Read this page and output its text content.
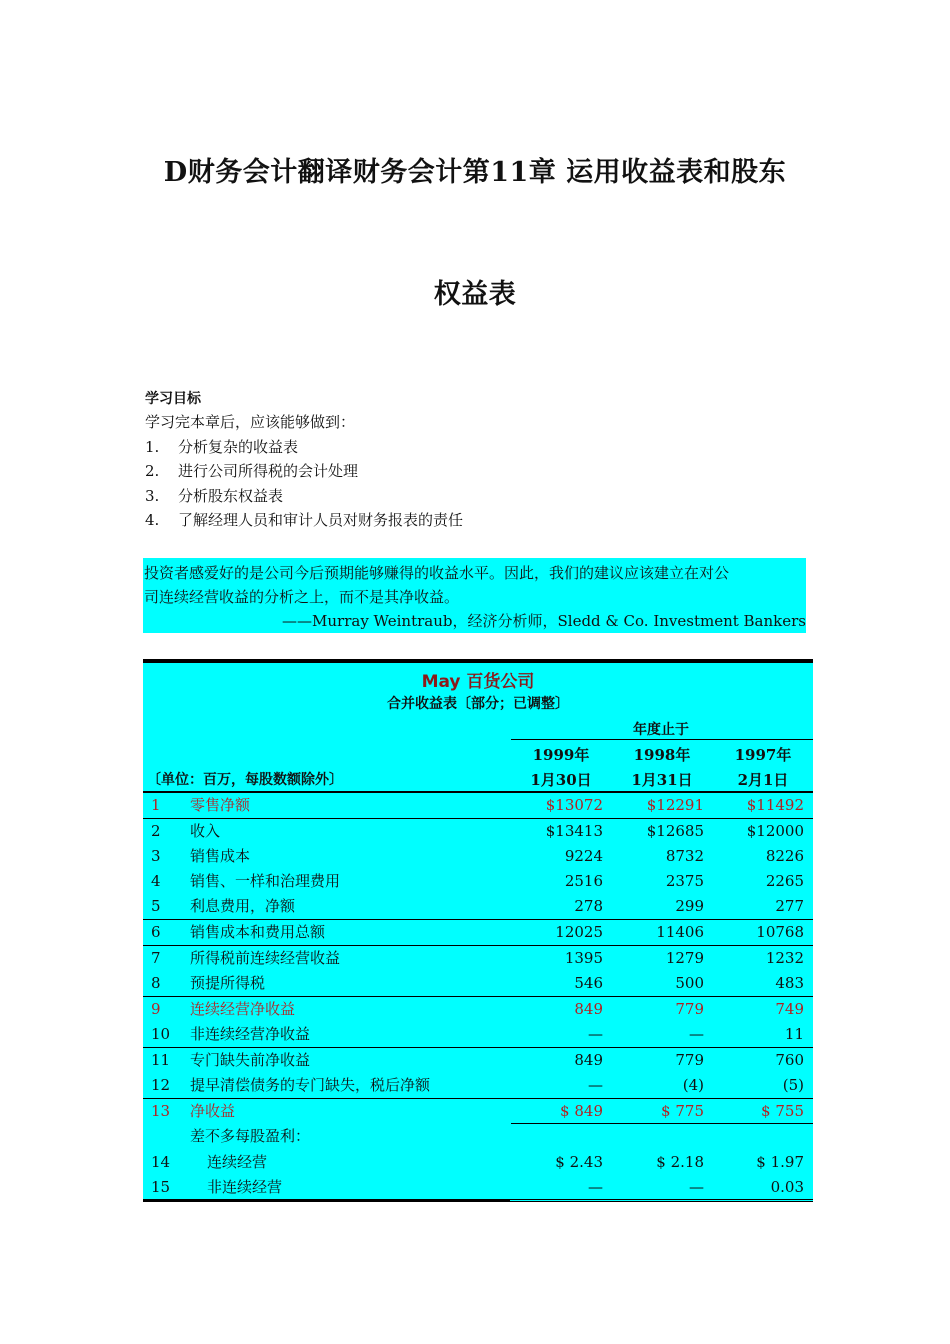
D财务会计翻译财务会计第11章 运用收益表和股东
权益表
学习目标
学习完本章后，应该能够做到：
1.	分析复杂的收益表
2.	进行公司所得税的会计处理
3.	分析股东权益表
4.	了解经理人员和审计人员对财务报表的责任
投资者感爱好的是公司今后预期能够赚得的收益水平。因此，我们的建议应该建立在对公
司连续经营收益的分析之上，而不是其净收益。
——Murray Weintraub，经济分析师，Sledd & Co. Investment Bankers
May 百货公司
合并收益表〔部分；已调整〕
年度止于
1999年
1月30日
1998年
1月31日
1997年
2月1日
〔单位：百万，每股数额除外〕
1 零售净额	$13072	$12291	$11492
2 收入	$13413	$12685	$12000
3 销售成本	9224	8732	8226
4 销售、一样和治理费用	2516	2375	2265
5 利息费用，净额	278	299	277
6 销售成本和费用总额	12025	11406	10768
7 所得税前连续经营收益	1395	1279	1232
8 预提所得税	546	500	483
9 连续经营净收益	849	779	749
10 非连续经营净收益	—	—	11
11 专门缺失前净收益	849	779	760
12 提早清偿债务的专门缺失，税后净额	—	(4)	(5)
13 净收益	$ 849	$ 775	$ 755
差不多每股盈利：
14 连续经营	$ 2.43	$ 2.18	$ 1.97
15 非连续经营	—	—	0.03
